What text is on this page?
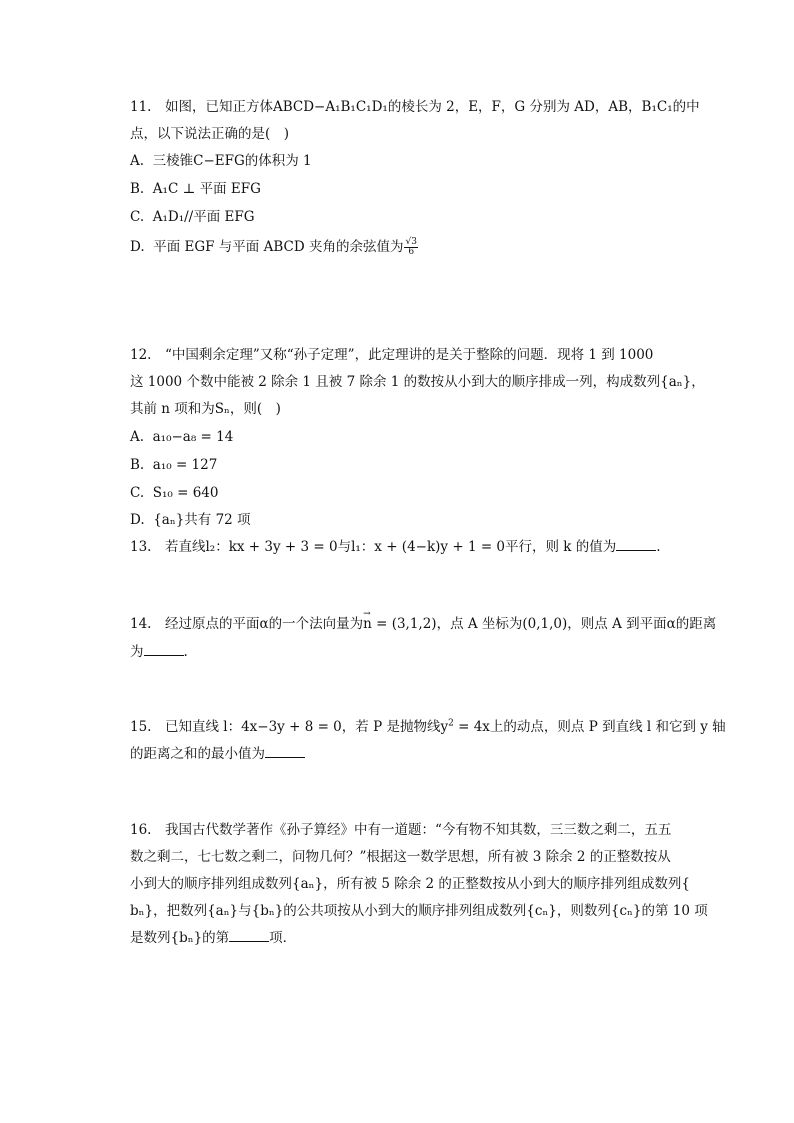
11.　如图，已知正方体ABCD−A₁B₁C₁D₁的棱长为 2，E，F，G 分别为 AD，AB，B₁C₁的中
点，以下说法正确的是(　)
A.  三棱锥C−EFG的体积为 1
B.  A₁C ⊥ 平面 EFG
C.  A₁D₁//平面 EFG
D.  平面 EGF 与平面 ABCD 夹角的余弦值为 $\frac{√3}{6}$
12.　“中国剩余定理”又称“孙子定理”，此定理讲的是关于整除的问题．现将 1 到 1000
这 1000 个数中能被 2 除余 1 且被 7 除余 1 的数按从小到大的顺序排成一列，构成数列{aₙ}，
其前 n 项和为Sₙ，则(　)
A.  a₁₀−a₈ = 14
B.  a₁₀ = 127
C.  S₁₀ = 640
D.  {aₙ}共有 72 项
13.　若直线l₂：kx + 3y + 3 = 0与l₁：x + (4−k)y + 1 = 0平行，则 k 的值为	.
14.　经过原点的平面α的一个法向量为→ n = (3,1,2)，点 A 坐标为(0,1,0)，则点 A 到平面α的距离
为	.
15.　已知直线 l：4x−3y + 8 = 0，若 P 是抛物线$y^2 = 4x$上的动点，则点 P 到直线 l 和它到 y 轴
的距离之和的最小值为
16.　我国古代数学著作《孙子算经》中有一道题：“今有物不知其数，三三数之剩二，五五
数之剩二，七七数之剩二，问物几何？”根据这一数学思想，所有被 3 除余 2 的正整数按从
小到大的顺序排列组成数列{aₙ}，所有被 5 除余 2 的正整数按从小到大的顺序排列组成数列{
bₙ}，把数列{aₙ}与{bₙ}的公共项按从小到大的顺序排列组成数列{cₙ}，则数列{cₙ}的第 10 项
是数列{bₙ}的第	项．
